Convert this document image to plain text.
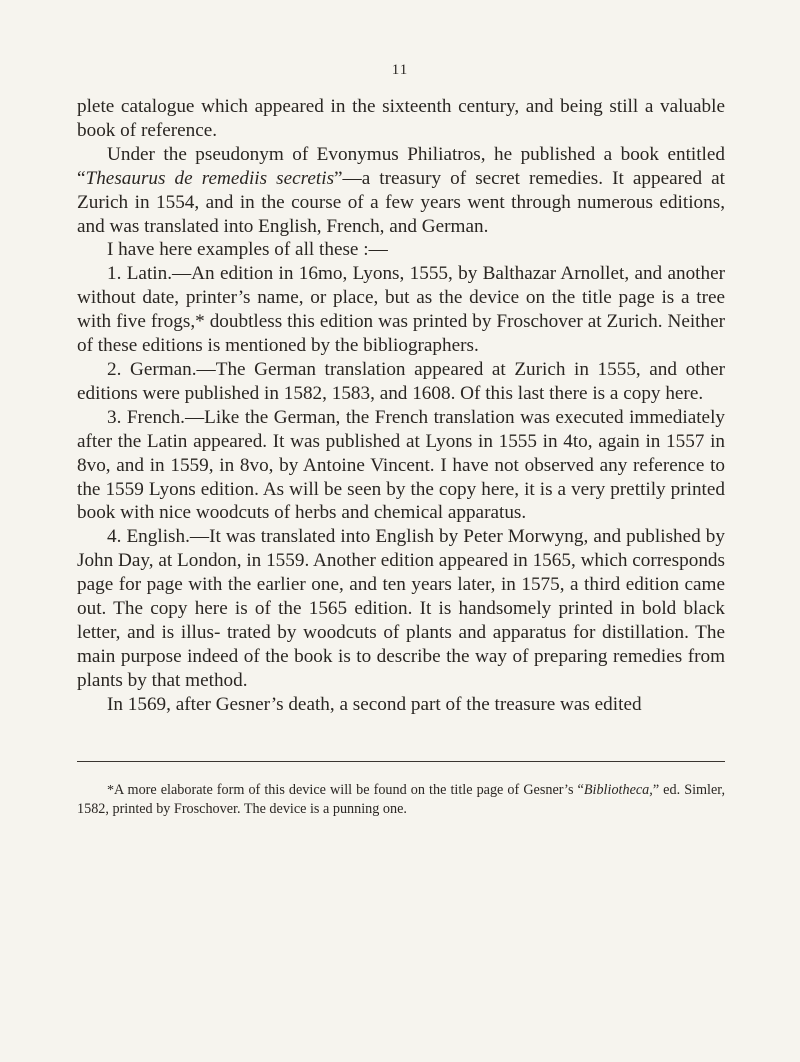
11

plete catalogue which appeared in the sixteenth century, and being still a valuable book of reference.

Under the pseudonym of Evonymus Philiatros, he published a book entitled “Thesaurus de remediis secretis”—a treasury of secret remedies. It appeared at Zurich in 1554, and in the course of a few years went through numerous editions, and was translated into English, French, and German.

I have here examples of all these :—

1. Latin.—An edition in 16mo, Lyons, 1555, by Balthazar Arnollet, and another without date, printer’s name, or place, but as the device on the title page is a tree with five frogs,* doubtless this edition was printed by Froschover at Zurich. Neither of these editions is mentioned by the bibliographers.

2. German.—The German translation appeared at Zurich in 1555, and other editions were published in 1582, 1583, and 1608. Of this last there is a copy here.

3. French.—Like the German, the French translation was executed immediately after the Latin appeared. It was published at Lyons in 1555 in 4to, again in 1557 in 8vo, and in 1559, in 8vo, by Antoine Vincent. I have not observed any reference to the 1559 Lyons edition. As will be seen by the copy here, it is a very prettily printed book with nice woodcuts of herbs and chemical apparatus.

4. English.—It was translated into English by Peter Morwyng, and published by John Day, at London, in 1559. Another edition appeared in 1565, which corresponds page for page with the earlier one, and ten years later, in 1575, a third edition came out. The copy here is of the 1565 edition. It is handsomely printed in bold black letter, and is illus- trated by woodcuts of plants and apparatus for distillation. The main purpose indeed of the book is to describe the way of preparing remedies from plants by that method.

In 1569, after Gesner’s death, a second part of the treasure was edited

*A more elaborate form of this device will be found on the title page of Gesner’s “Bibliotheca,” ed. Simler, 1582, printed by Froschover. The device is a punning one.
